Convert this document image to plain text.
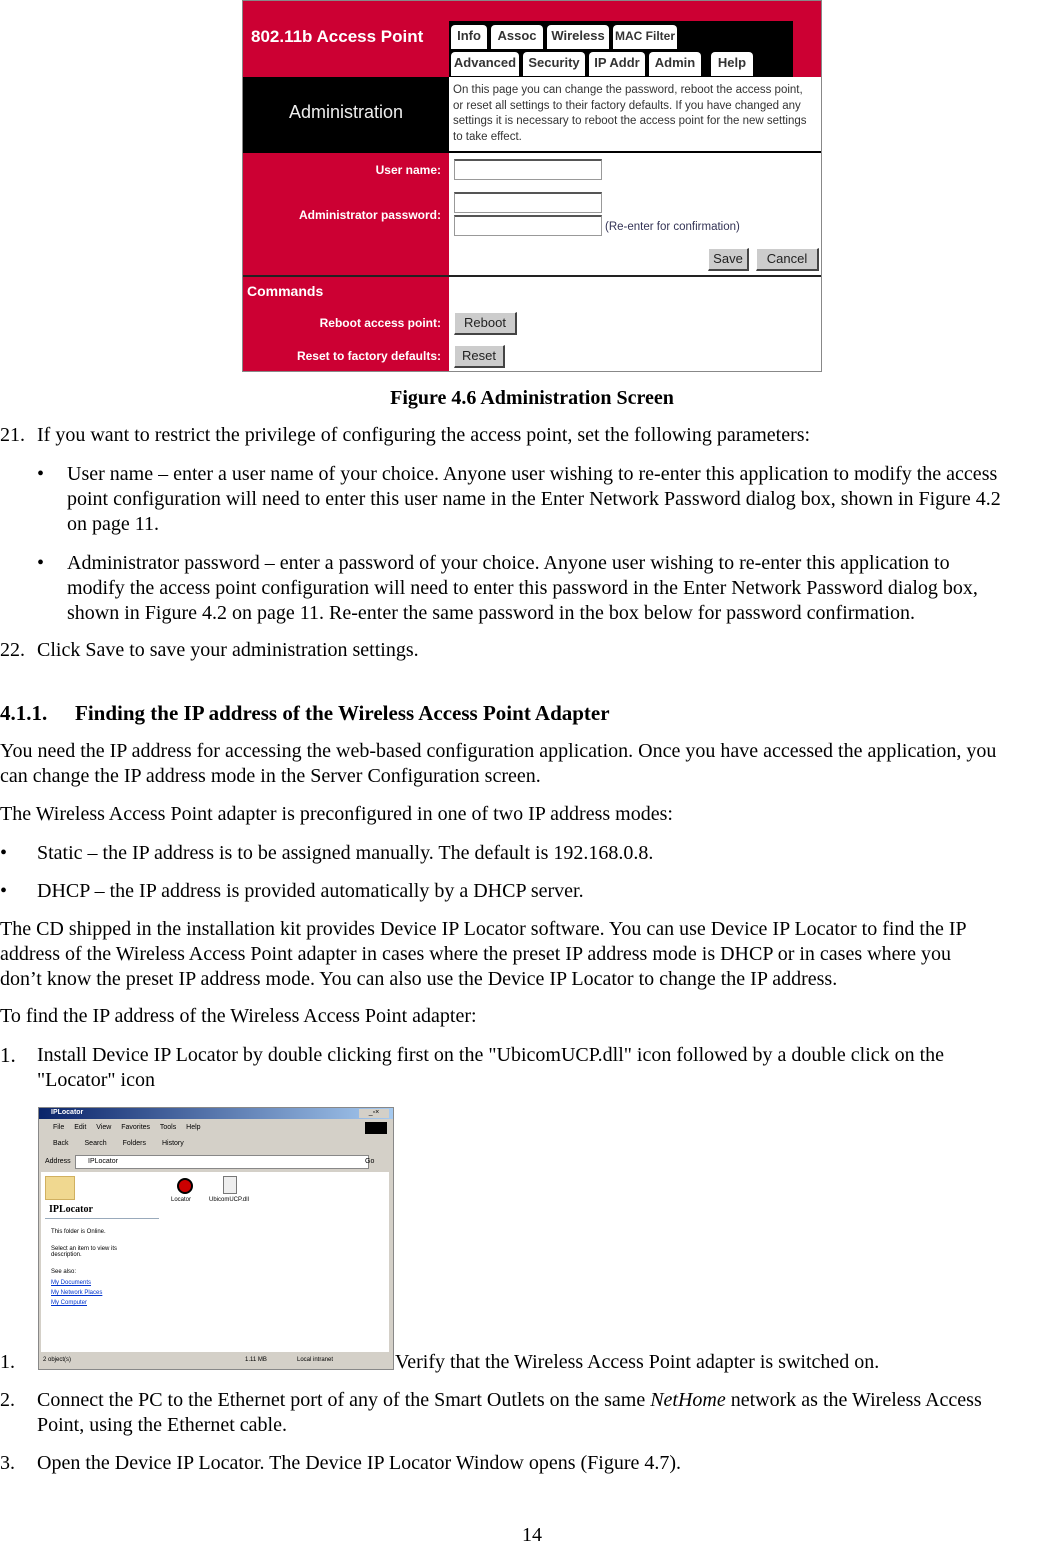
802.11b Access Point	Info	Assoc	Wireless MAC Filter
Advanced Security	IP Addr	Admin	Help
Administration
On this page you can change the password, reboot the access point, or reset all settings to their factory defaults. If you have changed any settings it is necessary to reboot the access point for the new settings to take effect.
User name:
Administrator password:
(Re-enter for confirmation)
Save	Cancel
Commands
Reboot access point:	Reboot
Reset to factory defaults:	Reset
Figure 4.6 Administration Screen
21. If you want to restrict the privilege of configuring the access point, set the following parameters:
• User name – enter a user name of your choice. Anyone user wishing to re-enter this application to modify the access
point configuration will need to enter this user name in the Enter Network Password dialog box, shown in Figure 4.2
on page 11.
• Administrator password – enter a password of your choice. Anyone user wishing to re-enter this application to
modify the access point configuration will need to enter this password in the Enter Network Password dialog box,
shown in Figure 4.2 on page 11. Re-enter the same password in the box below for password confirmation.
22. Click Save to save your administration settings.
4.1.1. Finding the IP address of the Wireless Access Point Adapter
You need the IP address for accessing the web-based configuration application. Once you have accessed the application, you
can change the IP address mode in the Server Configuration screen.
The Wireless Access Point adapter is preconfigured in one of two IP address modes:
• Static – the IP address is to be assigned manually. The default is 192.168.0.8.
• DHCP – the IP address is provided automatically by a DHCP server.
The CD shipped in the installation kit provides Device IP Locator software. You can use Device IP Locator to find the IP
address of the Wireless Access Point adapter in cases where the preset IP address mode is DHCP or in cases where you
don’t know the preset IP address mode. You can also use the Device IP Locator to change the IP address.
To find the IP address of the Wireless Access Point adapter:
1. Install Device IP Locator by double clicking first on the "UbicomUCP.dll" icon followed by a double click on the
"Locator" icon
IPLocator	_▫×
File Edit View Favorites Tools Help
Back Search Folders History
Address	IPLocator	Go
IPLocator
This folder is Online.
Select an item to view its description.
See also:
My Documents
My Network Places
My Computer
Locator	UbicomUCP.dll
2 object(s)	1.11 MB	Local intranet
1.	Verify that the Wireless Access Point adapter is switched on.
2. Connect the PC to the Ethernet port of any of the Smart Outlets on the same NetHome network as the Wireless Access
Point, using the Ethernet cable.
3. Open the Device IP Locator. The Device IP Locator Window opens (Figure 4.7).
14
